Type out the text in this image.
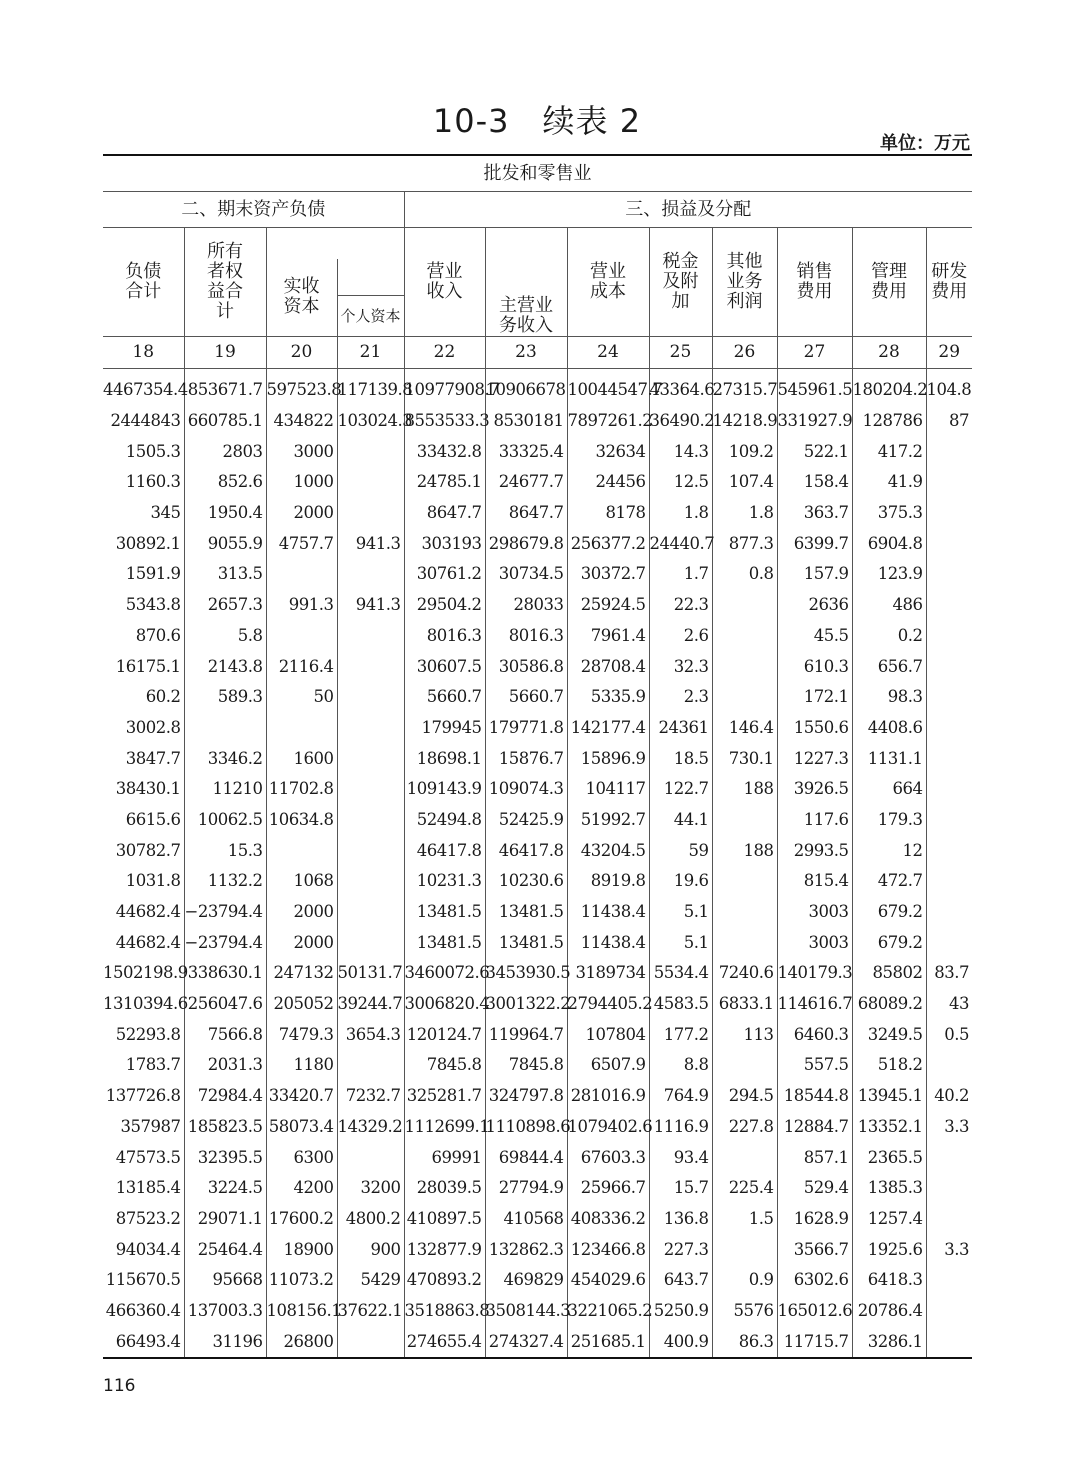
10-3　续表 2
单位：万元
批发和零售业											
二、期末资产负债				三、损益及分配							
负债合计	所有者权益合计			营业收入		营业成本	税金及附加	其他业务利润	销售费用	管理费用	研发费用
		实收资本									
			个人资本		主营业务收入						
18	19	20	21	22	23	24	25	26	27	28	29
4467354.4	853671.7	597523.8	117139.8	10977908.7	10906678	10044547.7	43364.6	27315.7	545961.5	180204.2	104.8
2444843	660785.1	434822	103024.3	8553533.3	8530181	7897261.2	36490.2	14218.9	331927.9	128786	87
1505.3	2803	3000		33432.8	33325.4	32634	14.3	109.2	522.1	417.2	
1160.3	852.6	1000		24785.1	24677.7	24456	12.5	107.4	158.4	41.9	
345	1950.4	2000		8647.7	8647.7	8178	1.8	1.8	363.7	375.3	
30892.1	9055.9	4757.7	941.3	303193	298679.8	256377.2	24440.7	877.3	6399.7	6904.8	
1591.9	313.5			30761.2	30734.5	30372.7	1.7	0.8	157.9	123.9	
5343.8	2657.3	991.3	941.3	29504.2	28033	25924.5	22.3		2636	486	
870.6	5.8			8016.3	8016.3	7961.4	2.6		45.5	0.2	
16175.1	2143.8	2116.4		30607.5	30586.8	28708.4	32.3		610.3	656.7	
60.2	589.3	50		5660.7	5660.7	5335.9	2.3		172.1	98.3	
3002.8				179945	179771.8	142177.4	24361	146.4	1550.6	4408.6	
3847.7	3346.2	1600		18698.1	15876.7	15896.9	18.5	730.1	1227.3	1131.1	
38430.1	11210	11702.8		109143.9	109074.3	104117	122.7	188	3926.5	664	
6615.6	10062.5	10634.8		52494.8	52425.9	51992.7	44.1		117.6	179.3	
30782.7	15.3			46417.8	46417.8	43204.5	59	188	2993.5	12	
1031.8	1132.2	1068		10231.3	10230.6	8919.8	19.6		815.4	472.7	
44682.4	−23794.4	2000		13481.5	13481.5	11438.4	5.1		3003	679.2	
44682.4	−23794.4	2000		13481.5	13481.5	11438.4	5.1		3003	679.2	
1502198.9	338630.1	247132	50131.7	3460072.6	3453930.5	3189734	5534.4	7240.6	140179.3	85802	83.7
1310394.6	256047.6	205052	39244.7	3006820.4	3001322.2	2794405.2	4583.5	6833.1	114616.7	68089.2	43
52293.8	7566.8	7479.3	3654.3	120124.7	119964.7	107804	177.2	113	6460.3	3249.5	0.5
1783.7	2031.3	1180		7845.8	7845.8	6507.9	8.8		557.5	518.2	
137726.8	72984.4	33420.7	7232.7	325281.7	324797.8	281016.9	764.9	294.5	18544.8	13945.1	40.2
357987	185823.5	58073.4	14329.2	1112699.1	1110898.6	1079402.6	1116.9	227.8	12884.7	13352.1	3.3
47573.5	32395.5	6300		69991	69844.4	67603.3	93.4		857.1	2365.5	
13185.4	3224.5	4200	3200	28039.5	27794.9	25966.7	15.7	225.4	529.4	1385.3	
87523.2	29071.1	17600.2	4800.2	410897.5	410568	408336.2	136.8	1.5	1628.9	1257.4	
94034.4	25464.4	18900	900	132877.9	132862.3	123466.8	227.3		3566.7	1925.6	3.3
115670.5	95668	11073.2	5429	470893.2	469829	454029.6	643.7	0.9	6302.6	6418.3	
466360.4	137003.3	108156.1	37622.1	3518863.8	3508144.3	3221065.2	5250.9	5576	165012.6	20786.4	
66493.4	31196	26800		274655.4	274327.4	251685.1	400.9	86.3	11715.7	3286.1	
116
